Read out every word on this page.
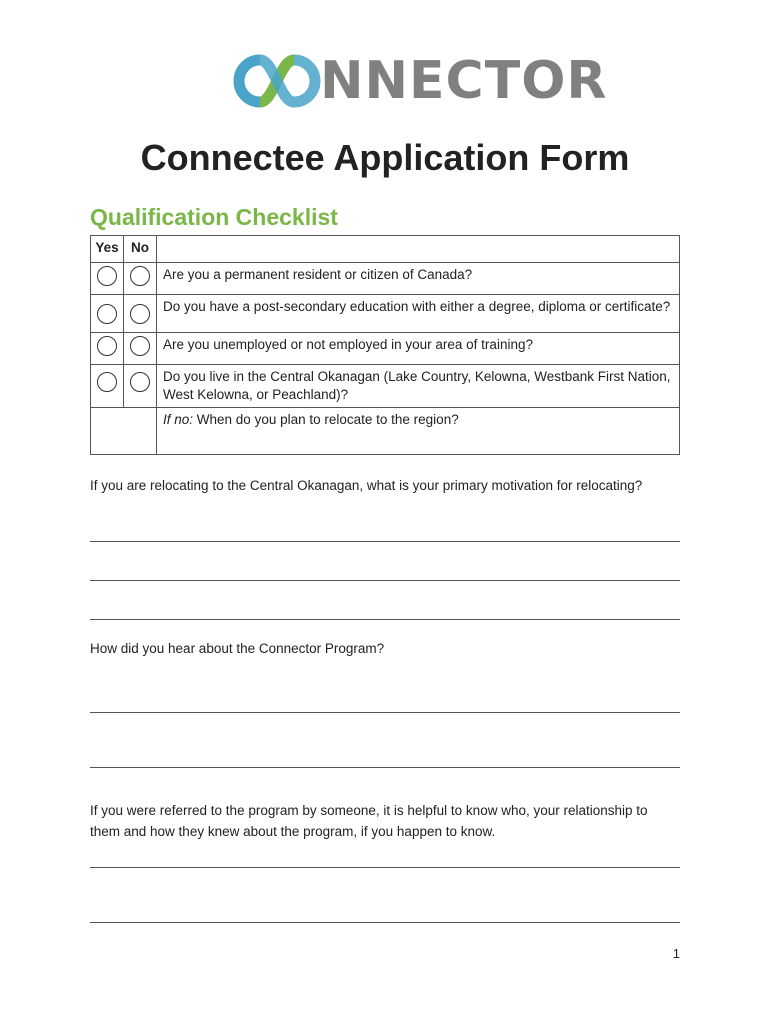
NNECTOR
Connectee Application Form
Qualification Checklist
Yes	No	
		Are you a permanent resident or citizen of Canada?
		Do you have a post-secondary education with either a degree, diploma or certificate?
		Are you unemployed or not employed in your area of training?
		Do you live in the Central Okanagan (Lake Country, Kelowna, Westbank First Nation, West Kelowna, or Peachland)?
		If no: When do you plan to relocate to the region?
If you are relocating to the Central Okanagan, what is your primary motivation for relocating?
How did you hear about the Connector Program?
If you were referred to the program by someone, it is helpful to know who, your relationship to them and how they knew about the program, if you happen to know.
1
